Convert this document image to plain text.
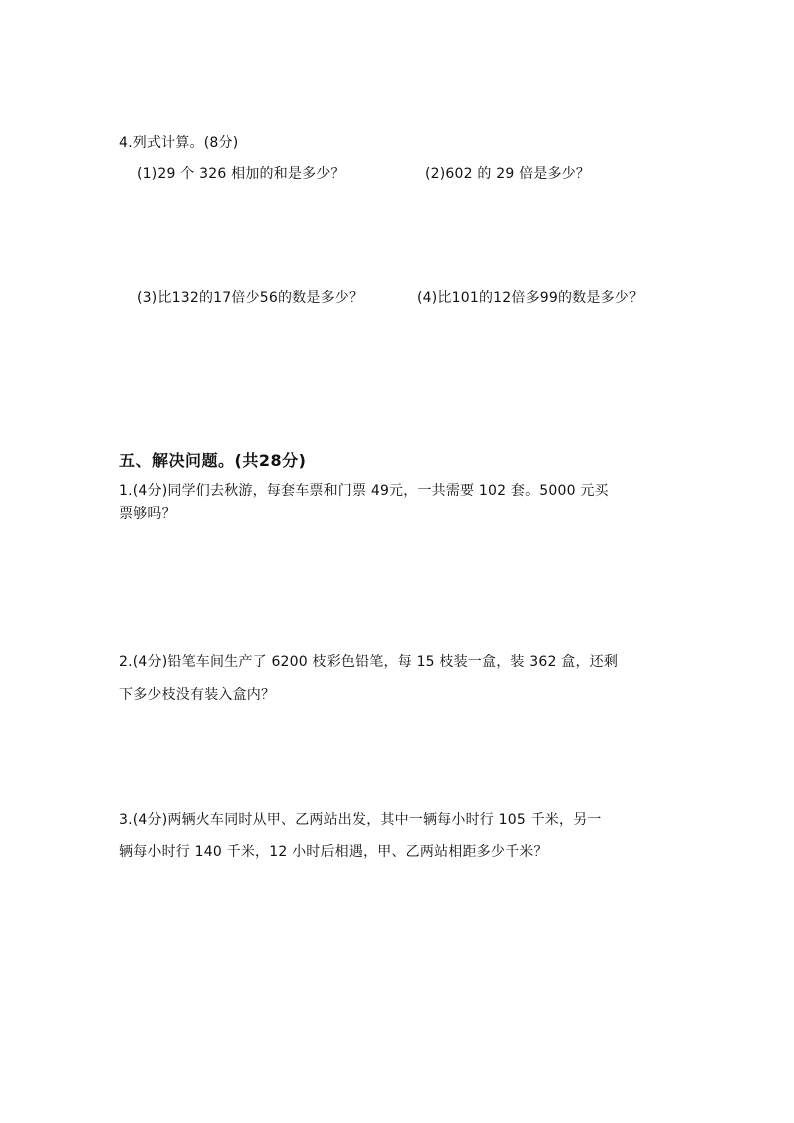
4.列式计算。(8分)
(1)29 个 326 相加的和是多少？	(2)602 的 29 倍是多少？
(3)比132的17倍少56的数是多少？	(4)比101的12倍多99的数是多少？
五、解决问题。(共28分)
1.(4分)同学们去秋游，每套车票和门票 49元，一共需要 102 套。5000 元买
票够吗？
2.(4分)铅笔车间生产了 6200 枝彩色铅笔，每 15 枝装一盒，装 362 盒，还剩
下多少枝没有装入盒内？
3.(4分)两辆火车同时从甲、乙两站出发，其中一辆每小时行 105 千米，另一
辆每小时行 140 千米，12 小时后相遇，甲、乙两站相距多少千米？
